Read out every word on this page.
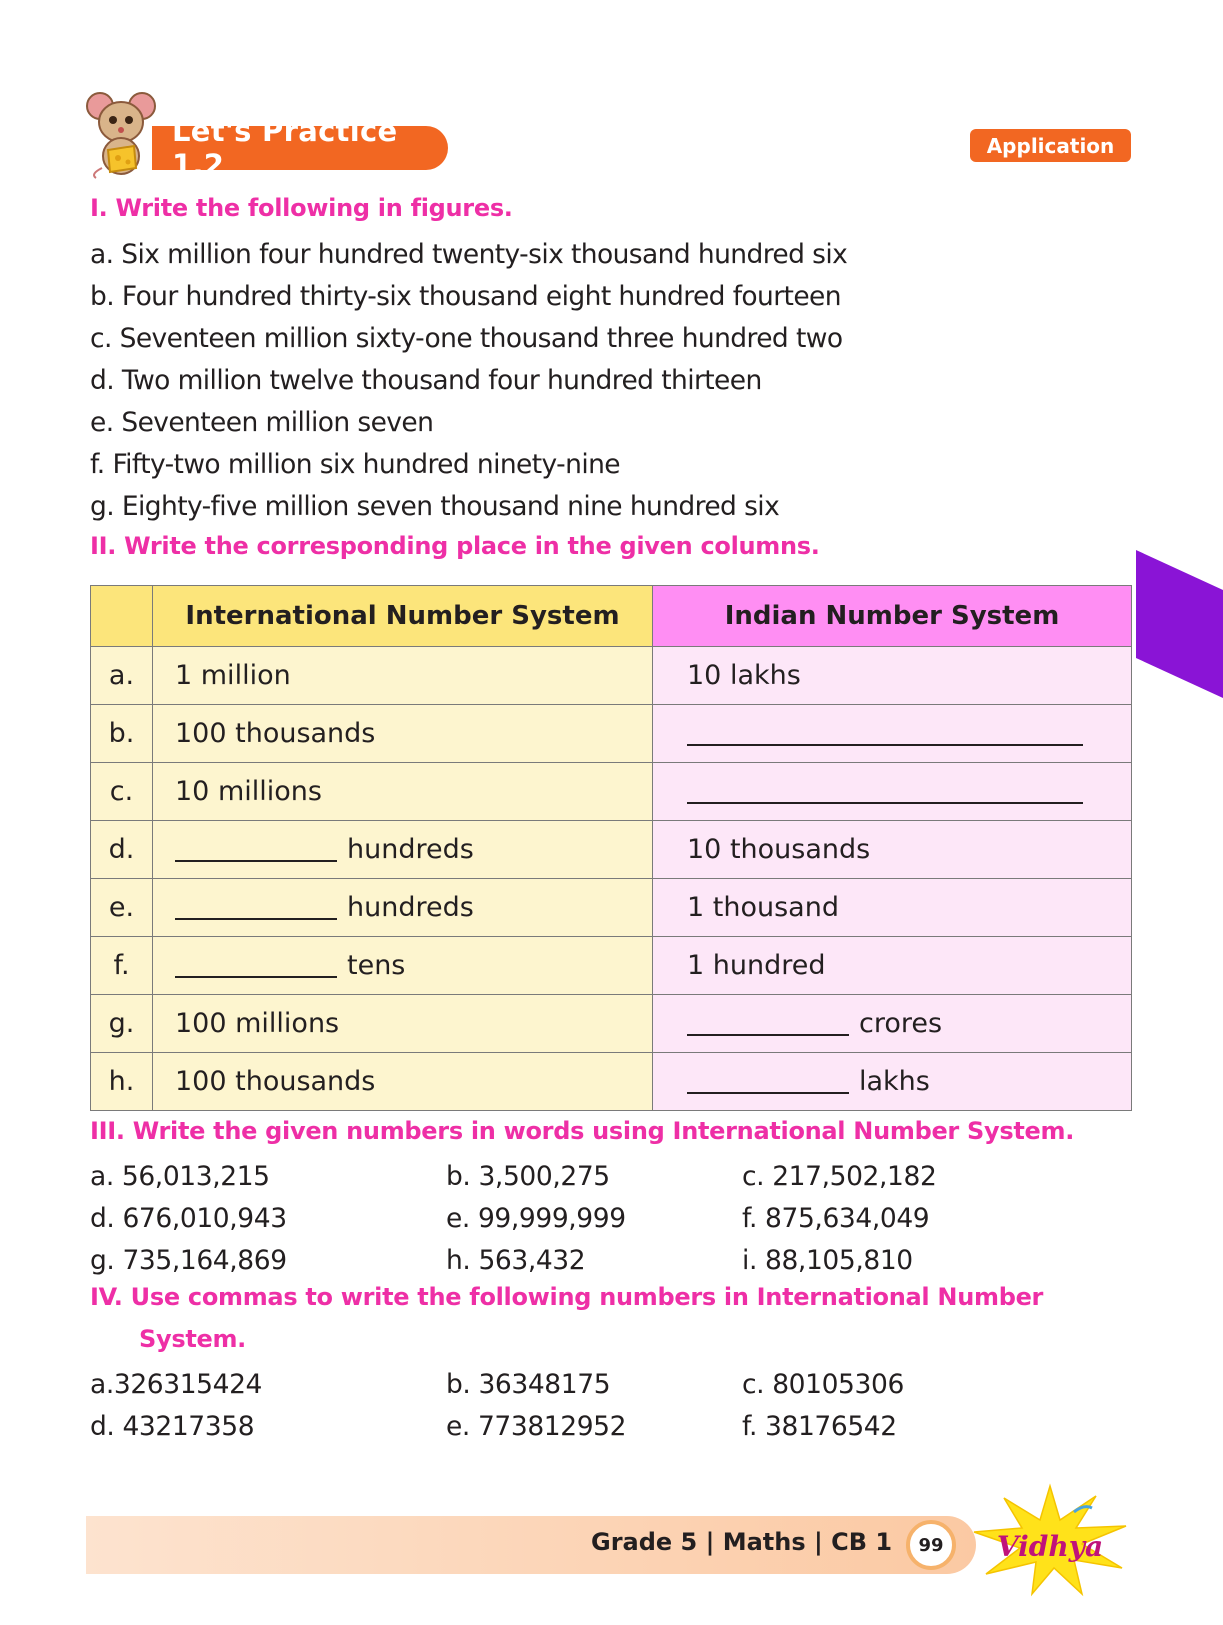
Let's Practice 1.2
Application
I. Write the following in figures.
a. Six million four hundred twenty-six thousand hundred six
b. Four hundred thirty-six thousand eight hundred fourteen
c. Seventeen million sixty-one thousand three hundred two
d. Two million twelve thousand four hundred thirteen
e. Seventeen million seven
f. Fifty-two million six hundred ninety-nine
g. Eighty-five million seven thousand nine hundred six
II. Write the corresponding place in the given columns.
	International Number System	Indian Number System
a.	1 million	10 lakhs
b.	100 thousands	
c.	10 millions	
d.	hundreds	10 thousands
e.	hundreds	1 thousand
f.	tens	1 hundred
g.	100 millions	crores
h.	100 thousands	lakhs
III. Write the given numbers in words using International Number System.
a. 56,013,215	b. 3,500,275	c. 217,502,182
d. 676,010,943	e. 99,999,999	f. 875,634,049
g. 735,164,869	h. 563,432	i. 88,105,810
IV. Use commas to write the following numbers in International Number
System.
a.326315424	b. 36348175	c. 80105306
d. 43217358	e. 773812952	f. 38176542
Grade 5 | Maths | CB 1	99	Vidhya
